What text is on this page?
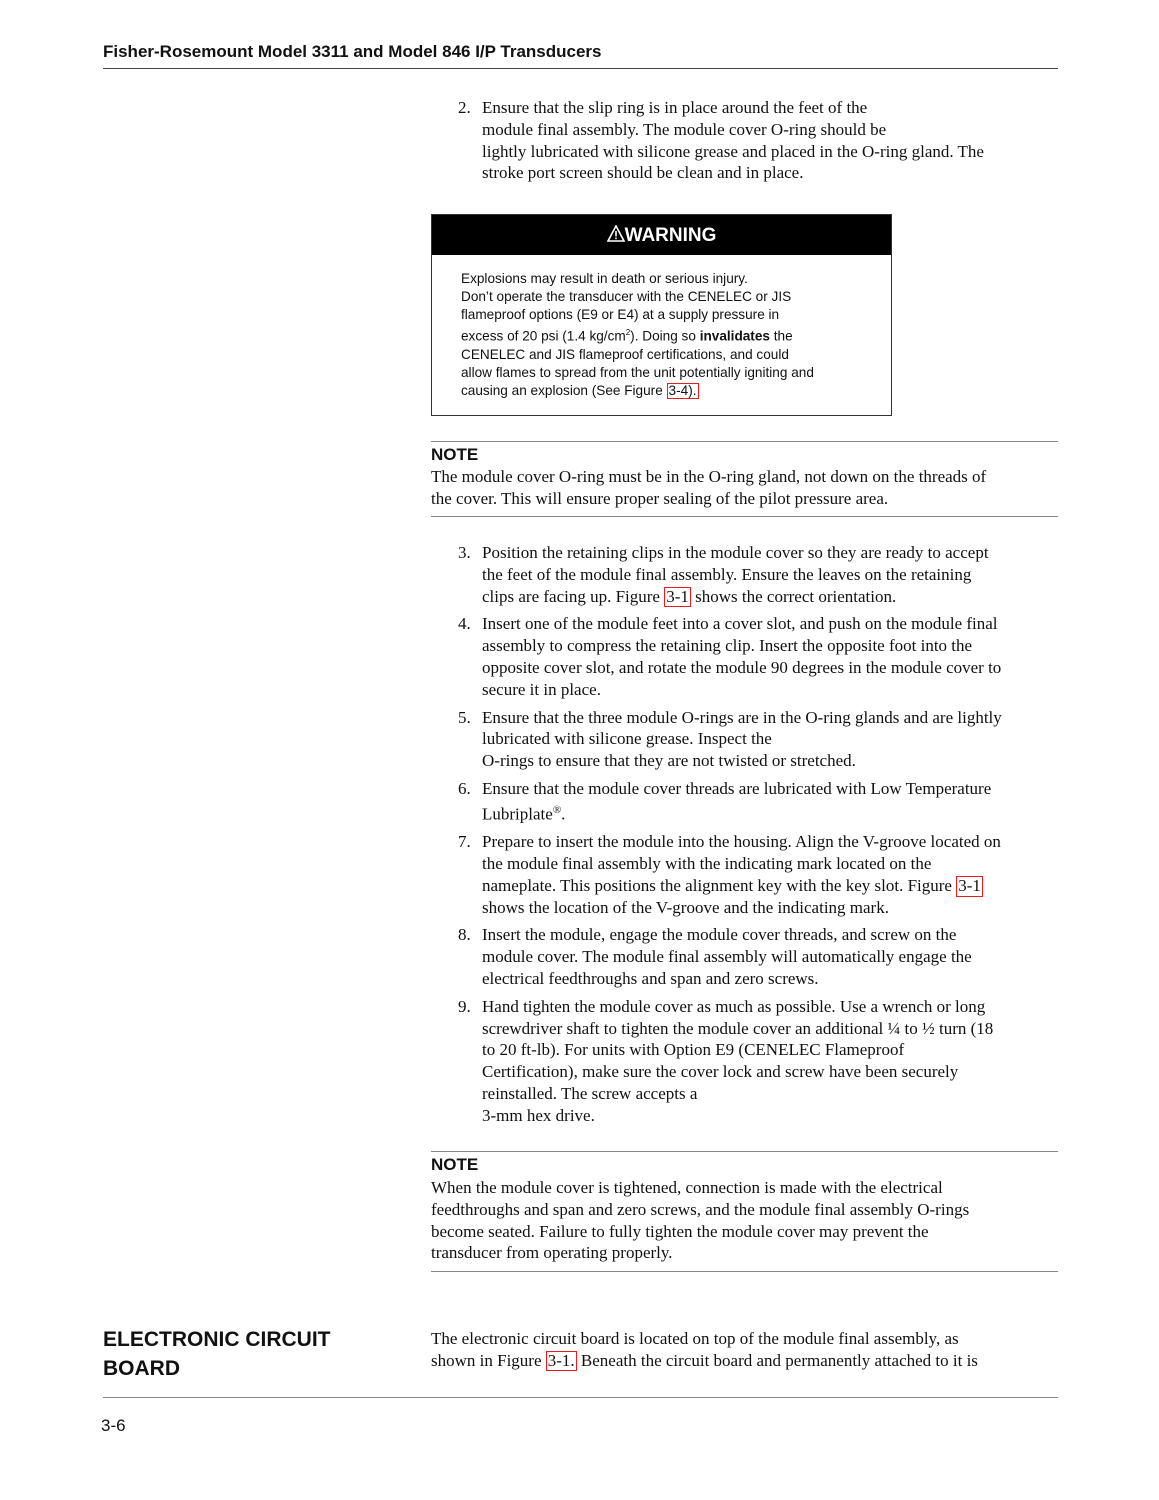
Fisher-Rosemount Model 3311 and Model 846 I/P Transducers
2. Ensure that the slip ring is in place around the feet of the
module final assembly. The module cover O-ring should be
lightly lubricated with silicone grease and placed in the O-ring gland. The
stroke port screen should be clean and in place.
WARNING
Explosions may result in death or serious injury.
Don’t operate the transducer with the CENELEC or JIS
flameproof options (E9 or E4) at a supply pressure in
excess of 20 psi (1.4 $kg/cm^2$). Doing so invalidates the
CENELEC and JIS flameproof certifications, and could
allow flames to spread from the unit potentially igniting and
causing an explosion (See Figure 3-4).
NOTE
The module cover O-ring must be in the O-ring gland, not down on the threads of
the cover. This will ensure proper sealing of the pilot pressure area.
3. Position the retaining clips in the module cover so they are ready to accept
the feet of the module final assembly. Ensure the leaves on the retaining
clips are facing up. Figure 3-1 shows the correct orientation.
4. Insert one of the module feet into a cover slot, and push on the module final
assembly to compress the retaining clip. Insert the opposite foot into the
opposite cover slot, and rotate the module 90 degrees in the module cover to
secure it in place.
5. Ensure that the three module O-rings are in the O-ring glands and are lightly
lubricated with silicone grease. Inspect the
O-rings to ensure that they are not twisted or stretched.
6. Ensure that the module cover threads are lubricated with Low Temperature
Lubriplate®.
7. Prepare to insert the module into the housing. Align the V-groove located on
the module final assembly with the indicating mark located on the
nameplate. This positions the alignment key with the key slot. Figure 3-1
shows the location of the V-groove and the indicating mark.
8. Insert the module, engage the module cover threads, and screw on the
module cover. The module final assembly will automatically engage the
electrical feedthroughs and span and zero screws.
9. Hand tighten the module cover as much as possible. Use a wrench or long
screwdriver shaft to tighten the module cover an additional ¼ to ½ turn (18
to 20 ft-lb). For units with Option E9 (CENELEC Flameproof
Certification), make sure the cover lock and screw have been securely
reinstalled. The screw accepts a
3-mm hex drive.
NOTE
When the module cover is tightened, connection is made with the electrical
feedthroughs and span and zero screws, and the module final assembly O-rings
become seated. Failure to fully tighten the module cover may prevent the
transducer from operating properly.
ELECTRONIC CIRCUIT
BOARD
The electronic circuit board is located on top of the module final assembly, as
shown in Figure 3-1. Beneath the circuit board and permanently attached to it is
3-6
